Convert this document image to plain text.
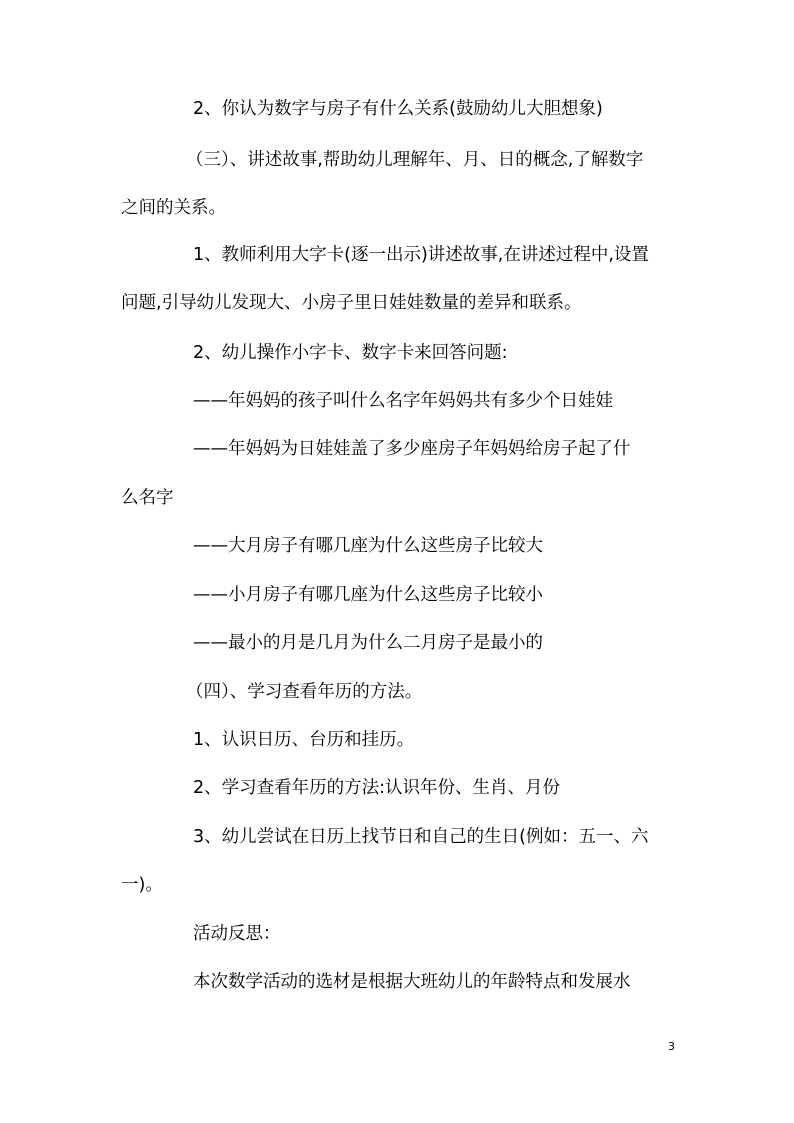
2、你认为数字与房子有什么关系(鼓励幼儿大胆想象)
（三）、讲述故事,帮助幼儿理解年、月、日的概念,了解数字
之间的关系。
1、教师利用大字卡(逐一出示)讲述故事,在讲述过程中,设置
问题,引导幼儿发现大、小房子里日娃娃数量的差异和联系。
2、幼儿操作小字卡、数字卡来回答问题:
——年妈妈的孩子叫什么名字年妈妈共有多少个日娃娃
——年妈妈为日娃娃盖了多少座房子年妈妈给房子起了什
么名字
——大月房子有哪几座为什么这些房子比较大
——小月房子有哪几座为什么这些房子比较小
——最小的月是几月为什么二月房子是最小的
（四）、学习查看年历的方法。
1、认识日历、台历和挂历。
2、学习查看年历的方法:认识年份、生肖、月份
3、幼儿尝试在日历上找节日和自己的生日(例如：五一、六
一)。
活动反思：
本次数学活动的选材是根据大班幼儿的年龄特点和发展水
3
